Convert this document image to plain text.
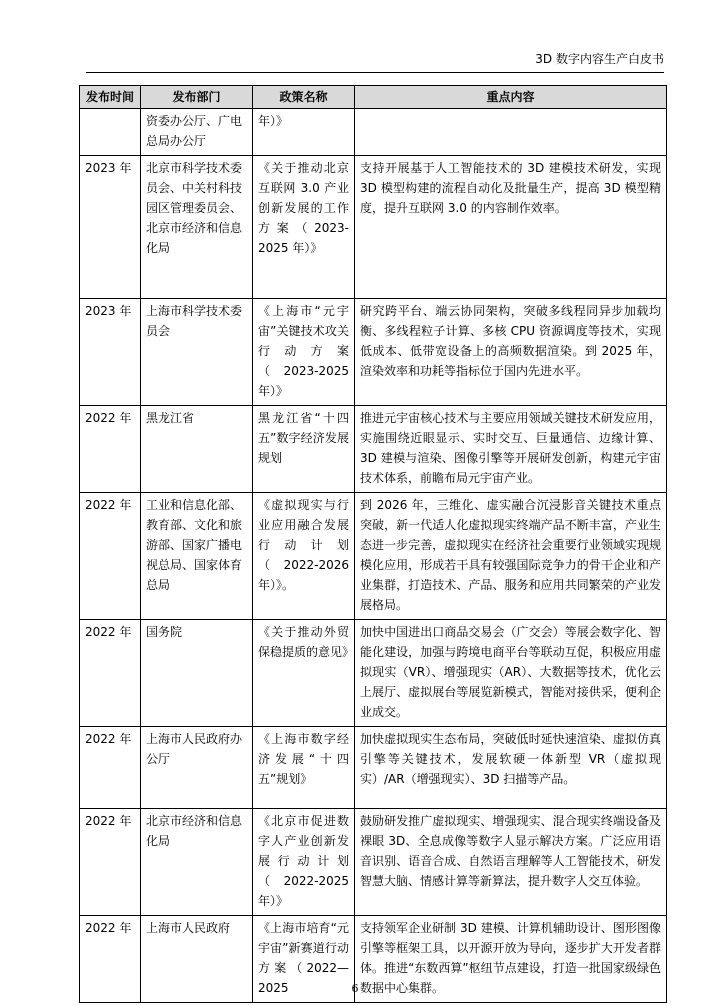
3D 数字内容生产白皮书
发布时间	发布部门	政策名称	重点内容
	资委办公厅、广电总局办公厅	年）》	
2023 年	北京市科学技术委员会、中关村科技园区管理委员会、北京市经济和信息化局	《关于推动北京互联网 3.0 产业创新发展的工作方案（2023-2025 年）》	支持开展基于人工智能技术的 3D 建模技术研发，实现 3D 模型构建的流程自动化及批量生产，提高 3D 模型精度，提升互联网 3.0 的内容制作效率。
2023 年	上海市科学技术委员会	《上海市“元宇宙”关键技术攻关行动方案（2023-2025 年）》	研究跨平台、端云协同架构，突破多线程同异步加载均衡、多线程粒子计算、多核 CPU 资源调度等技术，实现低成本、低带宽设备上的高频数据渲染。到 2025 年，渲染效率和功耗等指标位于国内先进水平。
2022 年	黑龙江省	黑龙江省“十四五”数字经济发展规划	推进元宇宙核心技术与主要应用领域关键技术研发应用，实施围绕近眼显示、实时交互、巨量通信、边缘计算、3D 建模与渲染、图像引擎等开展研发创新，构建元宇宙技术体系，前瞻布局元宇宙产业。
2022 年	工业和信息化部、教育部、文化和旅游部、国家广播电视总局、国家体育总局	《虚拟现实与行业应用融合发展行动计划（2022-2026 年）》。	到 2026 年，三维化、虚实融合沉浸影音关键技术重点突破，新一代适人化虚拟现实终端产品不断丰富，产业生态进一步完善，虚拟现实在经济社会重要行业领域实现规模化应用，形成若干具有较强国际竞争力的骨干企业和产业集群，打造技术、产品、服务和应用共同繁荣的产业发展格局。
2022 年	国务院	《关于推动外贸保稳提质的意见》	加快中国进出口商品交易会（广交会）等展会数字化、智能化建设，加强与跨境电商平台等联动互促，积极应用虚拟现实（VR）、增强现实（AR）、大数据等技术，优化云上展厅、虚拟展台等展览新模式，智能对接供采，便利企业成交。
2022 年	上海市人民政府办公厅	《上海市数字经济发展“十四五”规划》	加快虚拟现实生态布局，突破低时延快速渲染、虚拟仿真引擎等关键技术，发展软硬一体新型 VR（虚拟现实）/AR（增强现实）、3D 扫描等产品。
2022 年	北京市经济和信息化局	《北京市促进数字人产业创新发展行动计划（2022-2025 年）》	鼓励研发推广虚拟现实、增强现实、混合现实终端设备及裸眼 3D、全息成像等数字人显示解决方案。广泛应用语音识别、语音合成、自然语言理解等人工智能技术，研发智慧大脑、情感计算等新算法，提升数字人交互体验。
2022 年	上海市人民政府	《上海市培育“元宇宙”新赛道行动方案（2022—2025	支持领军企业研制 3D 建模、计算机辅助设计、图形图像引擎等框架工具，以开源开放为导向，逐步扩大开发者群体。推进“东数西算”枢纽节点建设，打造一批国家级绿色数据中心集群。
6
